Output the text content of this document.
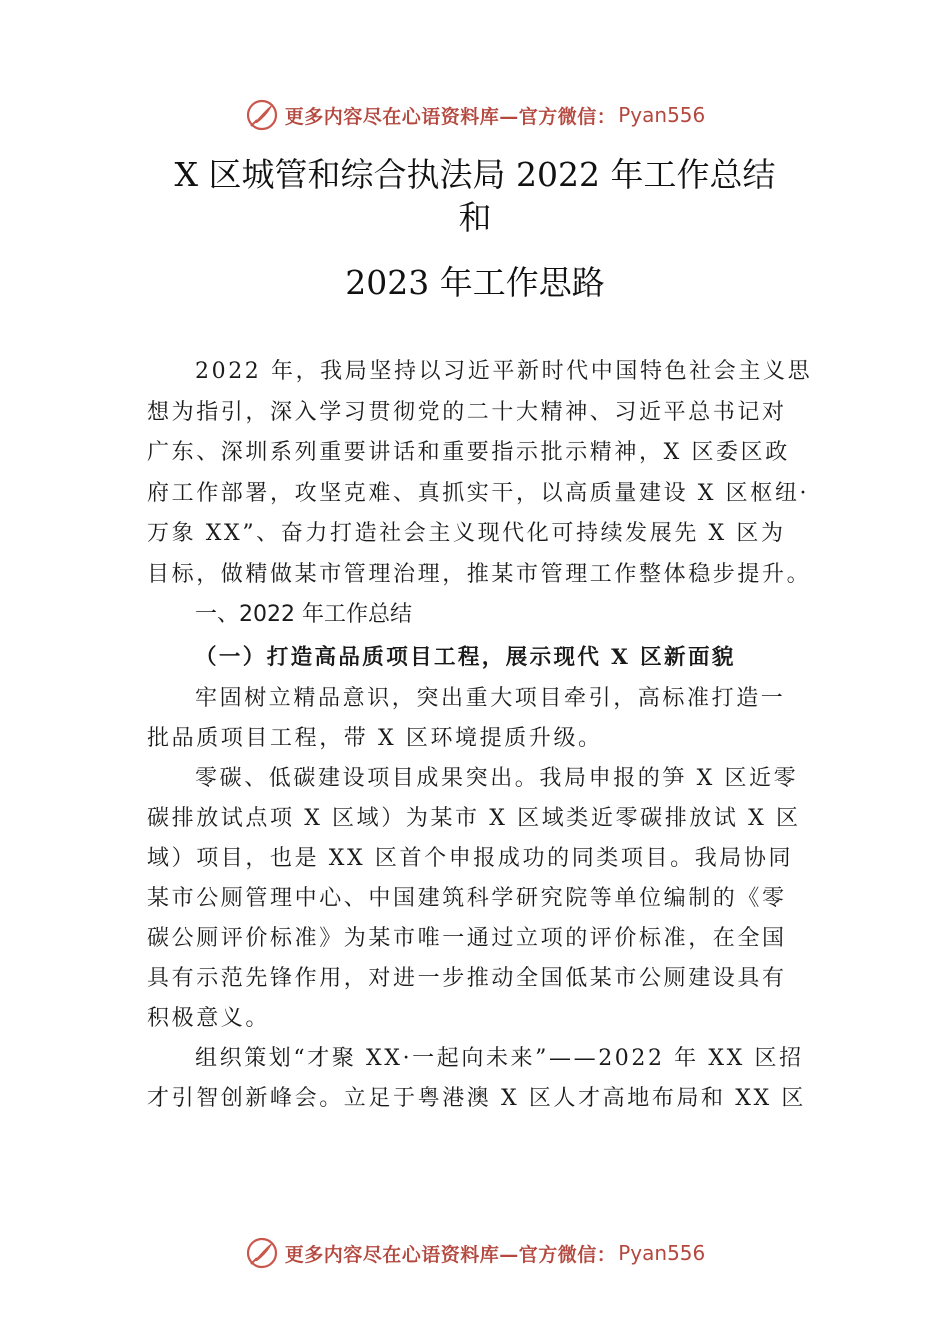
更多内容尽在心语资料库—官方微信： Pyan556
X 区城管和综合执法局 2022 年工作总结
和
2023 年工作思路
2022 年，我局坚持以习近平新时代中国特色社会主义思
想为指引，深入学习贯彻党的二十大精神、习近平总书记对
广东、深圳系列重要讲话和重要指示批示精神，X 区委区政
府工作部署，攻坚克难、真抓实干，以高质量建设 X 区枢纽·
万象 XX”、奋力打造社会主义现代化可持续发展先 X 区为
目标，做精做某市管理治理，推某市管理工作整体稳步提升。
一、2022 年工作总结
（一）打造高品质项目工程，展示现代 X 区新面貌
牢固树立精品意识，突出重大项目牵引，高标准打造一
批品质项目工程，带 X 区环境提质升级。
零碳、低碳建设项目成果突出。我局申报的笋 X 区近零
碳排放试点项 X 区域）为某市 X 区域类近零碳排放试 X 区
域）项目，也是 XX 区首个申报成功的同类项目。我局协同
某市公厕管理中心、中国建筑科学研究院等单位编制的《零
碳公厕评价标准》为某市唯一通过立项的评价标准，在全国
具有示范先锋作用，对进一步推动全国低某市公厕建设具有
积极意义。
组织策划“才聚 XX·一起向未来”——2022 年 XX 区招
才引智创新峰会。立足于粤港澳 X 区人才高地布局和 XX 区
更多内容尽在心语资料库—官方微信： Pyan556
